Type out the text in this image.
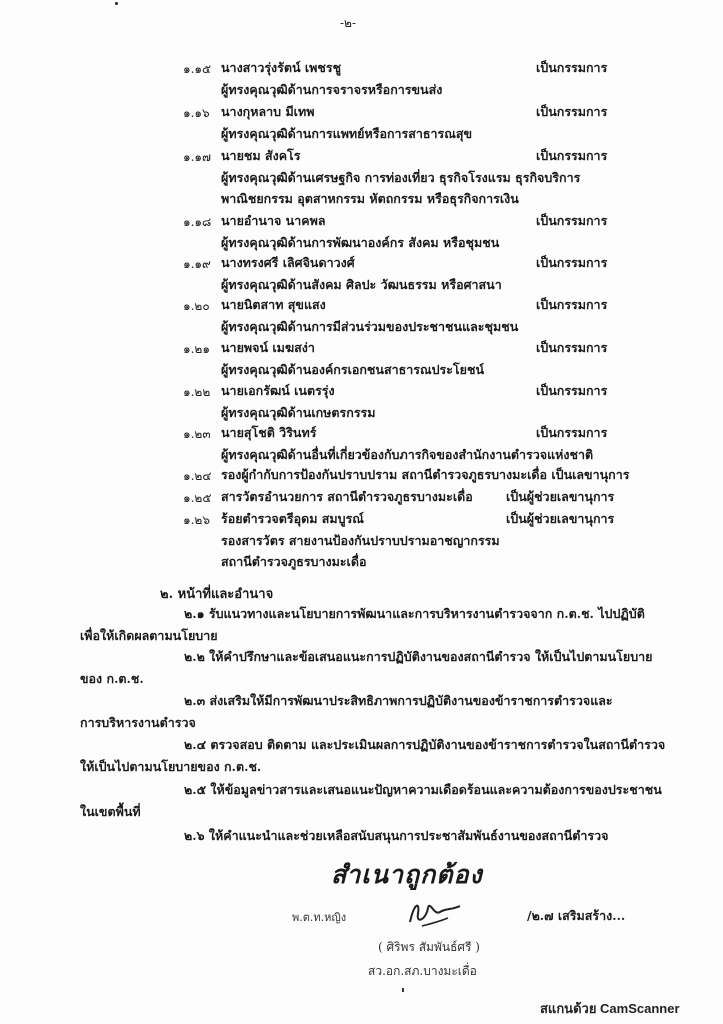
-๒-
๑.๑๕ นางสาวรุ่งรัตน์ เพชรชู	เป็นกรรมการ
ผู้ทรงคุณวุฒิด้านการจราจรหรือการขนส่ง
๑.๑๖ นางกุหลาบ มีเทพ	เป็นกรรมการ
ผู้ทรงคุณวุฒิด้านการแพทย์หรือการสาธารณสุข
๑.๑๗ นายชม สังคโร	เป็นกรรมการ
ผู้ทรงคุณวุฒิด้านเศรษฐกิจ การท่องเที่ยว ธุรกิจโรงแรม ธุรกิจบริการ
พาณิชยกรรม อุตสาหกรรม หัตถกรรม หรือธุรกิจการเงิน
๑.๑๘ นายอำนาจ นาคพล	เป็นกรรมการ
ผู้ทรงคุณวุฒิด้านการพัฒนาองค์กร สังคม หรือชุมชน
๑.๑๙ นางทรงศรี เลิศจินดาวงศ์	เป็นกรรมการ
ผู้ทรงคุณวุฒิด้านสังคม ศิลปะ วัฒนธรรม หรือศาสนา
๑.๒๐ นายนิตสาท สุขแสง	เป็นกรรมการ
ผู้ทรงคุณวุฒิด้านการมีส่วนร่วมของประชาชนและชุมชน
๑.๒๑ นายพจน์ เมฆสง่า	เป็นกรรมการ
ผู้ทรงคุณวุฒิด้านองค์กรเอกชนสาธารณประโยชน์
๑.๒๒ นายเอกรัฒน์ เนตรรุ่ง	เป็นกรรมการ
ผู้ทรงคุณวุฒิด้านเกษตรกรรม
๑.๒๓ นายสุโชติ วิรินทร์	เป็นกรรมการ
ผู้ทรงคุณวุฒิด้านอื่นที่เกี่ยวข้องกับภารกิจของสำนักงานตำรวจแห่งชาติ
๑.๒๔ รองผู้กำกับการป้องกันปราบปราม สถานีตำรวจภูธรบางมะเดื่อ เป็นเลขานุการ
๑.๒๕ สารวัตรอำนวยการ สถานีตำรวจภูธรบางมะเดื่อ	เป็นผู้ช่วยเลขานุการ
๑.๒๖ ร้อยตำรวจตรีอุดม สมบูรณ์	เป็นผู้ช่วยเลขานุการ
รองสารวัตร สายงานป้องกันปราบปรามอาชญากรรม
สถานีตำรวจภูธรบางมะเดื่อ
๒. หน้าที่และอำนาจ
๒.๑ รับแนวทางและนโยบายการพัฒนาและการบริหารงานตำรวจจาก ก.ต.ช. ไปปฏิบัติ
เพื่อให้เกิดผลตามนโยบาย
๒.๒ ให้คำปรึกษาและข้อเสนอแนะการปฏิบัติงานของสถานีตำรวจ ให้เป็นไปตามนโยบาย
ของ ก.ต.ช.
๒.๓ ส่งเสริมให้มีการพัฒนาประสิทธิภาพการปฏิบัติงานของข้าราชการตำรวจและ
การบริหารงานตำรวจ
๒.๔ ตรวจสอบ ติดตาม และประเมินผลการปฏิบัติงานของข้าราชการตำรวจในสถานีตำรวจ
ให้เป็นไปตามนโยบายของ ก.ต.ช.
๒.๕ ให้ข้อมูลข่าวสารและเสนอแนะปัญหาความเดือดร้อนและความต้องการของประชาชน
ในเขตพื้นที่
๒.๖ ให้คำแนะนำและช่วยเหลือสนับสนุนการประชาสัมพันธ์งานของสถานีตำรวจ
สำเนาถูกต้อง
พ.ต.ท.หญิง
( ศิริพร สัมพันธ์ศรี )
สว.อก.สภ.บางมะเดื่อ
/๒.๗ เสริมสร้าง...
สแกนด้วย CamScanner
